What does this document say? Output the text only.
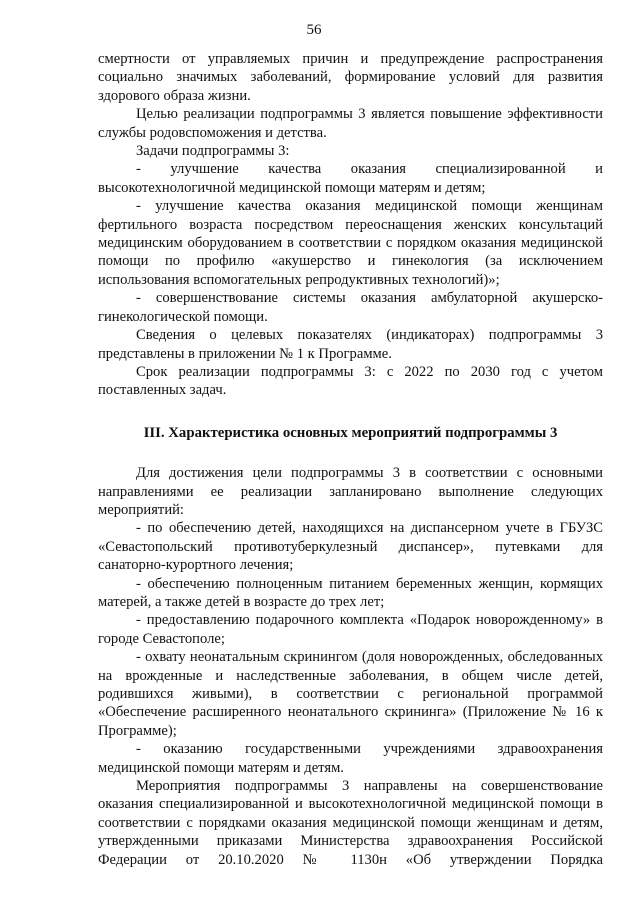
56

смертности от управляемых причин и предупреждение распространения социально значимых заболеваний, формирование условий для развития здорового образа жизни.

Целью реализации подпрограммы 3 является повышение эффективности службы родовспоможения и детства.

Задачи подпрограммы 3:

- улучшение качества оказания специализированной и высокотехнологичной медицинской помощи матерям и детям;

- улучшение качества оказания медицинской помощи женщинам фертильного возраста посредством переоснащения женских консультаций медицинским оборудованием в соответствии с порядком оказания медицинской помощи по профилю «акушерство и гинекология (за исключением использования вспомогательных репродуктивных технологий)»;

- совершенствование системы оказания амбулаторной акушерско-гинекологической помощи.

Сведения о целевых показателях (индикаторах) подпрограммы 3 представлены в приложении № 1 к Программе.

Срок реализации подпрограммы 3: с 2022 по 2030 год с учетом поставленных задач.

III. Характеристика основных мероприятий подпрограммы 3

Для достижения цели подпрограммы 3 в соответствии с основными направлениями ее реализации запланировано выполнение следующих мероприятий:

- по обеспечению детей, находящихся на диспансерном учете в ГБУЗС «Севастопольский противотуберкулезный диспансер», путевками для санаторно-курортного лечения;

- обеспечению полноценным питанием беременных женщин, кормящих матерей, а также детей в возрасте до трех лет;

- предоставлению подарочного комплекта «Подарок новорожденному» в городе Севастополе;

- охвату неонатальным скринингом (доля новорожденных, обследованных на врожденные и наследственные заболевания, в общем числе детей, родившихся живыми), в соответствии с региональной программой «Обеспечение расширенного неонатального скрининга» (Приложение № 16 к Программе);

- оказанию государственными учреждениями здравоохранения медицинской помощи матерям и детям.

Мероприятия подпрограммы 3 направлены на совершенствование оказания специализированной и высокотехнологичной медицинской помощи в соответствии с порядками оказания медицинской помощи женщинам и детям, утвержденными приказами Министерства здравоохранения Российской Федерации от 20.10.2020 № 1130н «Об утверждении Порядка
